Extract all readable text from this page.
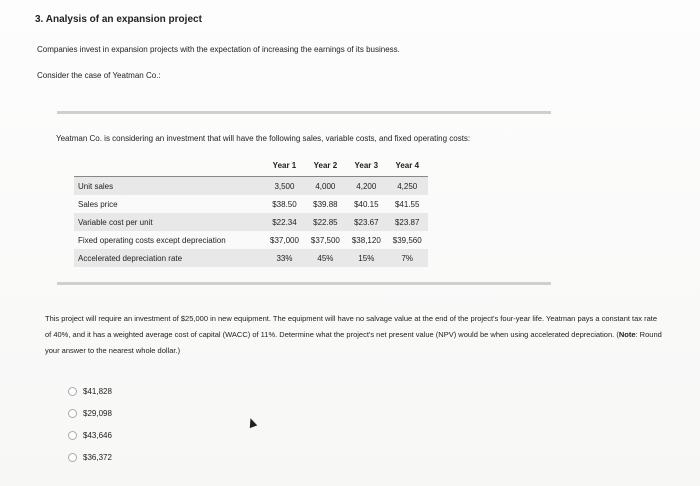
3. Analysis of an expansion project
Companies invest in expansion projects with the expectation of increasing the earnings of its business.
Consider the case of Yeatman Co.:
Yeatman Co. is considering an investment that will have the following sales, variable costs, and fixed operating costs:
	Year 1	Year 2	Year 3	Year 4
Unit sales	3,500	4,000	4,200	4,250
Sales price	$38.50	$39.88	$40.15	$41.55
Variable cost per unit	$22.34	$22.85	$23.67	$23.87
Fixed operating costs except depreciation	$37,000	$37,500	$38,120	$39,560
Accelerated depreciation rate	33%	45%	15%	7%
This project will require an investment of $25,000 in new equipment. The equipment will have no salvage value at the end of the project's four-year life. Yeatman pays a constant tax rate of 40%, and it has a weighted average cost of capital (WACC) of 11%. Determine what the project's net present value (NPV) would be when using accelerated depreciation. (Note: Round your answer to the nearest whole dollar.)
$41,828
$29,098
$43,646
$36,372
